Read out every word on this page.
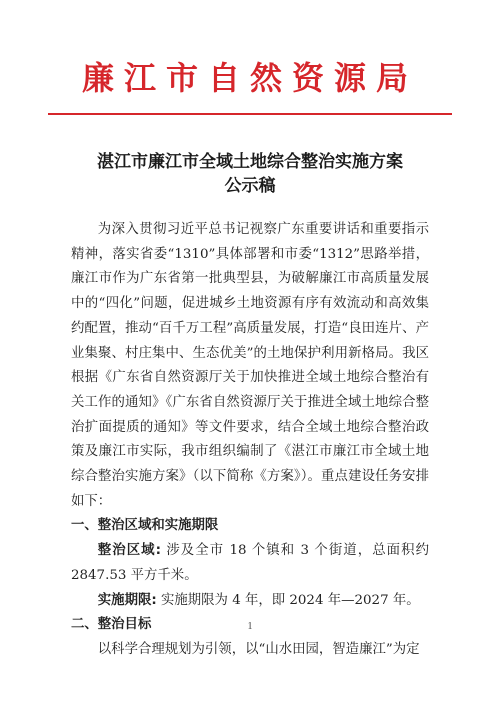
廉江市自然资源局
湛江市廉江市全域土地综合整治实施方案
公示稿

为深入贯彻习近平总书记视察广东重要讲话和重要指示精神，落实省委“1310”具体部署和市委“1312”思路举措，廉江市作为广东省第一批典型县，为破解廉江市高质量发展中的“四化”问题，促进城乡土地资源有序有效流动和高效集约配置，推动“百千万工程”高质量发展，打造“良田连片、产业集聚、村庄集中、生态优美”的土地保护利用新格局。我区根据《广东省自然资源厅关于加快推进全域土地综合整治有关工作的通知》《广东省自然资源厅关于推进全域土地综合整治扩面提质的通知》等文件要求，结合全域土地综合整治政策及廉江市实际，我市组织编制了《湛江市廉江市全域土地综合整治实施方案》（以下简称《方案》）。重点建设任务安排如下：

一、整治区域和实施期限

整治区域: 涉及全市 18 个镇和 3 个街道，总面积约 2847.53 平方千米。

实施期限: 实施期限为 4 年，即 2024 年—2027 年。

二、整治目标

以科学合理规划为引领，以“山水田园，智造廉江”为定

1
